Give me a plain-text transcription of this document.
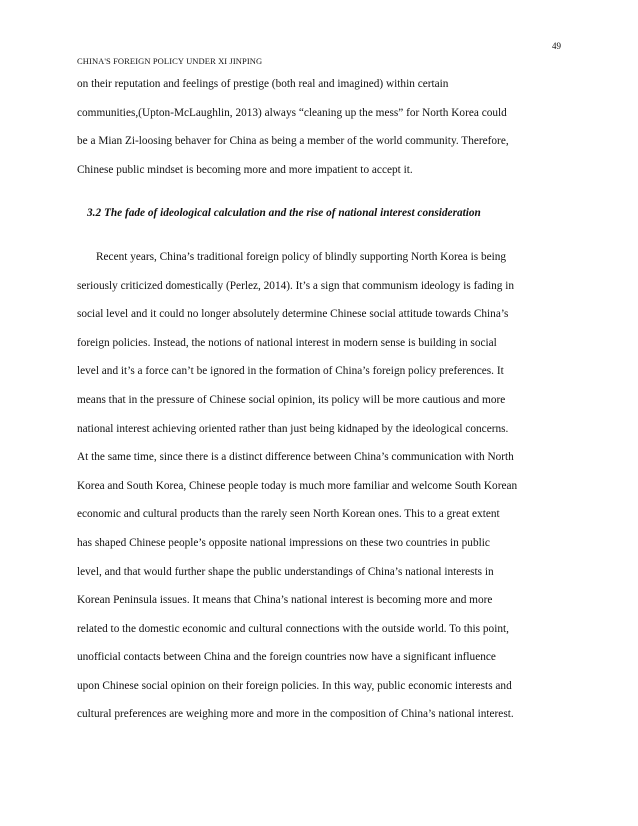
49
CHINA'S FOREIGN POLICY UNDER XI JINPING
on their reputation and feelings of prestige (both real and imagined) within certain
communities,(Upton-McLaughlin, 2013) always “cleaning up the mess” for North Korea could
be a Mian Zi-loosing behaver for China as being a member of the world community. Therefore,
Chinese public mindset is becoming more and more impatient to accept it.
3.2 The fade of ideological calculation and the rise of national interest consideration
Recent years, China’s traditional foreign policy of blindly supporting North Korea is being
seriously criticized domestically (Perlez, 2014). It’s a sign that communism ideology is fading in
social level and it could no longer absolutely determine Chinese social attitude towards China’s
foreign policies. Instead, the notions of national interest in modern sense is building in social
level and it’s a force can’t be ignored in the formation of China’s foreign policy preferences. It
means that in the pressure of Chinese social opinion, its policy will be more cautious and more
national interest achieving oriented rather than just being kidnaped by the ideological concerns.
At the same time, since there is a distinct difference between China’s communication with North
Korea and South Korea, Chinese people today is much more familiar and welcome South Korean
economic and cultural products than the rarely seen North Korean ones. This to a great extent
has shaped Chinese people’s opposite national impressions on these two countries in public
level, and that would further shape the public understandings of China’s national interests in
Korean Peninsula issues. It means that China’s national interest is becoming more and more
related to the domestic economic and cultural connections with the outside world. To this point,
unofficial contacts between China and the foreign countries now have a significant influence
upon Chinese social opinion on their foreign policies. In this way, public economic interests and
cultural preferences are weighing more and more in the composition of China’s national interest.
